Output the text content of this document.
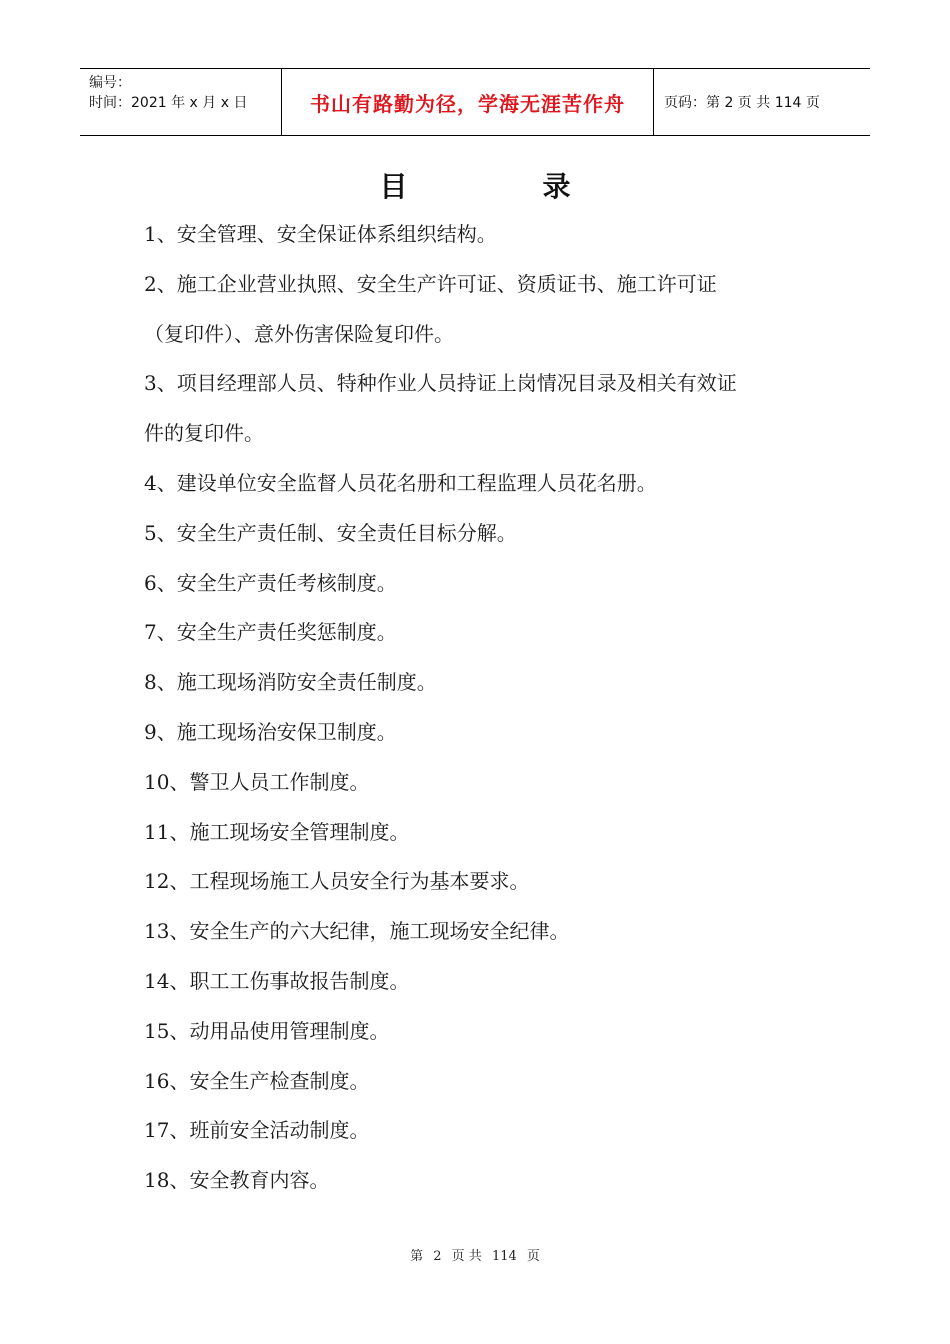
编号：
时间：2021 年 x 月 x 日	书山有路勤为径，学海无涯苦作舟	页码：第 2 页 共 114 页
目录

1、安全管理、安全保证体系组织结构。

2、施工企业营业执照、安全生产许可证、资质证书、施工许可证

（复印件）、意外伤害保险复印件。

3、项目经理部人员、特种作业人员持证上岗情况目录及相关有效证

件的复印件。

4、建设单位安全监督人员花名册和工程监理人员花名册。

5、安全生产责任制、安全责任目标分解。

6、安全生产责任考核制度。

7、安全生产责任奖惩制度。

8、施工现场消防安全责任制度。

9、施工现场治安保卫制度。

10、警卫人员工作制度。

11、施工现场安全管理制度。

12、工程现场施工人员安全行为基本要求。

13、安全生产的六大纪律，施工现场安全纪律。

14、职工工伤事故报告制度。

15、动用品使用管理制度。

16、安全生产检查制度。

17、班前安全活动制度。

18、安全教育内容。

第 2 页 共 114 页
